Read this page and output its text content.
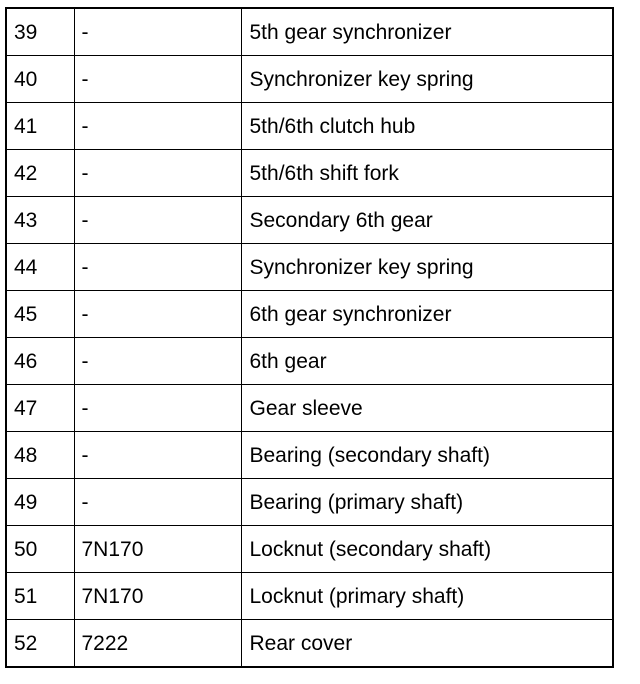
39	-	5th gear synchronizer
40	-	Synchronizer key spring
41	-	5th/6th clutch hub
42	-	5th/6th shift fork
43	-	Secondary 6th gear
44	-	Synchronizer key spring
45	-	6th gear synchronizer
46	-	6th gear
47	-	Gear sleeve
48	-	Bearing (secondary shaft)
49	-	Bearing (primary shaft)
50	7N170	Locknut (secondary shaft)
51	7N170	Locknut (primary shaft)
52	7222	Rear cover
